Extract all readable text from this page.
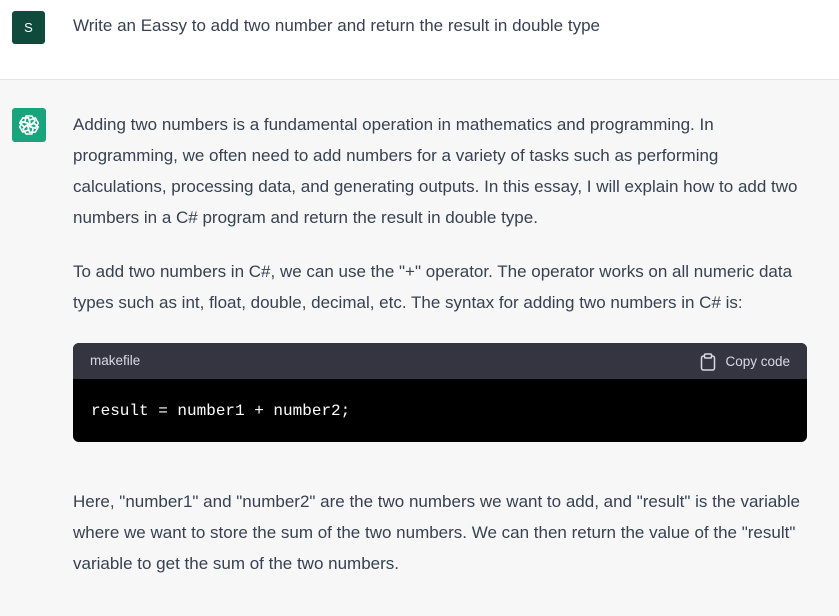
S	Write an Eassy to add two number and return the result in double type

Adding two numbers is a fundamental operation in mathematics and programming. In programming, we often need to add numbers for a variety of tasks such as performing calculations, processing data, and generating outputs. In this essay, I will explain how to add two numbers in a C# program and return the result in double type.

To add two numbers in C#, we can use the "+" operator. The operator works on all numeric data types such as int, float, double, decimal, etc. The syntax for adding two numbers in C# is:

makefile	Copy code
result = number1 + number2;

Here, "number1" and "number2" are the two numbers we want to add, and "result" is the variable where we want to store the sum of the two numbers. We can then return the value of the "result" variable to get the sum of the two numbers.
